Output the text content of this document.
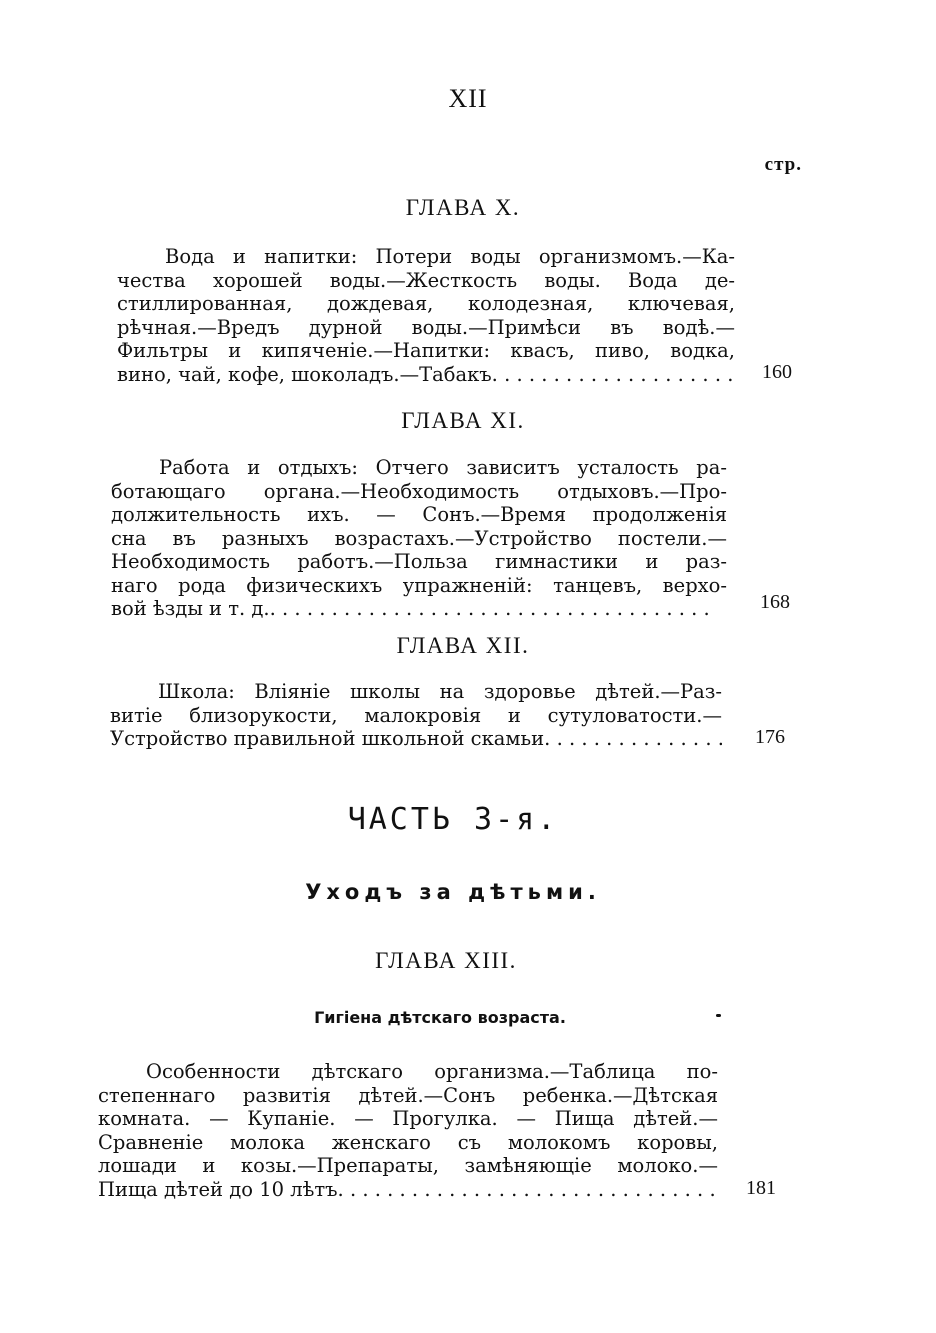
XII
стр.
ГЛАВА X.
Вода и напитки: Потери воды организмомъ.—Ка-
чества хорошей воды.—Жесткость воды. Вода де-
стиллированная, дождевая, колодезная, ключевая,
рѣчная.—Вредъ дурной воды.—Примѣси въ водѣ.—
Фильтры и кипяченіе.—Напитки: квасъ, пиво, водка,
вино, чай, кофе, шоколадъ.—Табакъ . . .	160
ГЛАВА XI.
Работа и отдыхъ: Отчего зависитъ усталость ра-
ботающаго органа.—Необходимость отдыховъ.—Про-
должительность ихъ. — Сонъ.—Время продолженія
сна въ разныхъ возрастахъ.—Устройство постели.—
Необходимость работъ.—Польза гимнастики и раз-
наго рода физическихъ упражненій: танцевъ, верхо-
вой ѣзды и т. д. . . .	168
ГЛАВА XII.
Школа: Вліяніе школы на здоровье дѣтей.—Раз-
витіе близорукости, малокровія и сутуловатости.—
Устройство правильной школьной скамьи . . .	176
ЧАСТЬ 3-я.
Уходъ за дѣтьми.
ГЛАВА XIII.
Гигіена дѣтскаго возраста.
Особенности дѣтскаго организма.—Таблица по-
степеннаго развитія дѣтей.—Сонъ ребенка.—Дѣтская
комната. — Купаніе. — Прогулка. — Пища дѣтей.—
Сравненіе молока женскаго съ молокомъ коровы,
лошади и козы.—Препараты, замѣняющіе молоко.—
Пища дѣтей до 10 лѣтъ . . .	181
